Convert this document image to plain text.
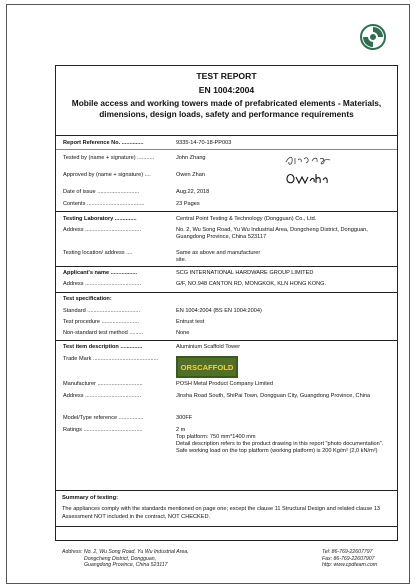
TEST REPORT
EN 1004:2004
Mobile access and working towers made of prefabricated elements - Materials, dimensions, design loads, safety and performance requirements
Report Reference No. ..............	9335-14-70-18-PP003
Tested by (name + signature) ...........	John Zhang
Approved by (name + signature) ....	Owen Zhan
Date of issue ...........................	Aug.22, 2018
Contents .....................................	23 Pages
Testing Laboratory ..............	Central Point Testing & Technology (Dongguan) Co., Ltd.
Address ....................................	No. 2, Wu Song Road, Yu Wu Industrial Area, Dongcheng District, Dongguan, Guangdong Province, China 523117
Testing location/ address ....	Same as above and manufacturer site.
Applicant's name .................	SCG INTERNATIONAL HARDWARE GROUP LIMITED
Address ....................................	G/F, NO.948 CANTON RD, MONGKOK, KLN HONG KONG.
Test specification:
Standard ..................................	EN 1004:2004 (BS EN 1004:2004)
Test procedure ........................	Entrust test
Non-standard test method .........	None
Test item description ..............	Aluminium Scaffold Tower
Trade Mark ..........................................
ORSCAFFOLD
Manufacturer .............................	POSH Metal Product Company Limited
Address ....................................	Jinsha Road South, ShiPai Town, Dongguan City, Guangdong Province, China
Model/Type reference ................	300FF
Ratings ......................................	2 m
Top platform: 750 mm*1400 mm
Detail description refers to the product drawing in this report "photo documentation".
Safe working load on the top platform (working platform) is 200 Kg/m² (2,0 kN/m²)
Summary of testing:
The appliances comply with the standards mentioned on page one; except the clause 11 Structural Design and related clause 13 Assessment NOT included in the contract, NOT CHECKED.
Address: No. 2, Wu Song Road, Yu Wu Industrial Area,
Dongcheng District, Dongguan,
Guangdong Province, China 523117
Tel: 86-769-22607797
Fax: 86-769-22607907
http: www.cpdteam.com
